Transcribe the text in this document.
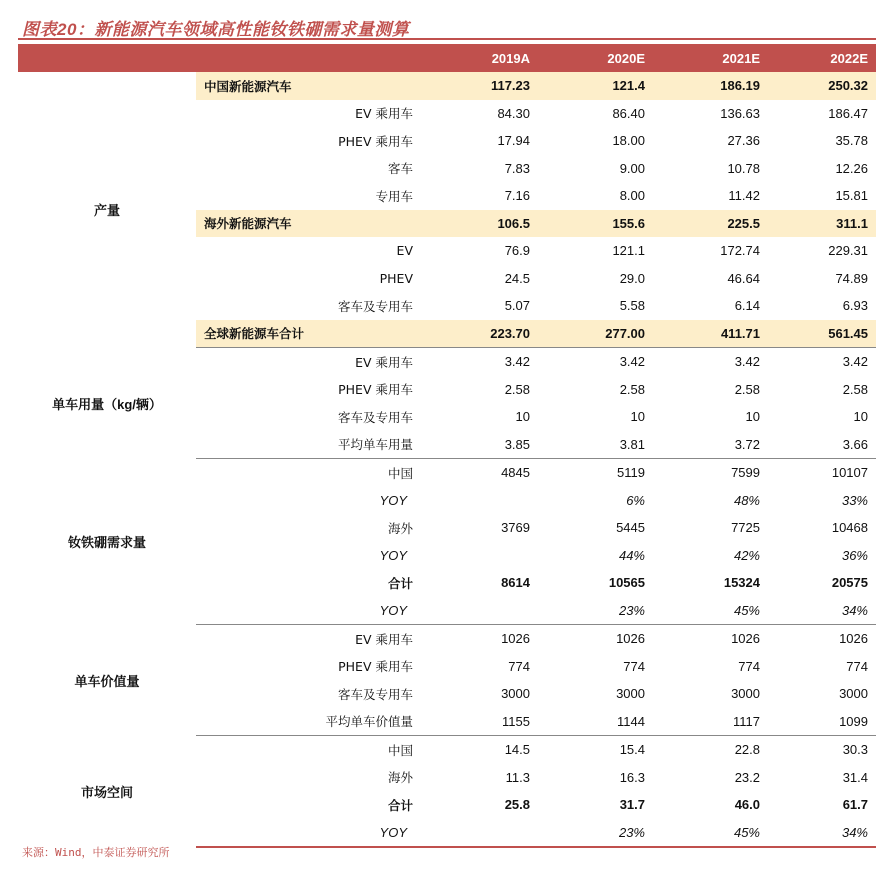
图表20：新能源汽车领域高性能钕铁硼需求量测算
		2019A	2020E	2021E	2022E
产量	中国新能源汽车	117.23	121.4	186.19	250.32
	EV 乘用车	84.30	86.40	136.63	186.47
	PHEV 乘用车	17.94	18.00	27.36	35.78
	客车	7.83	9.00	10.78	12.26
	专用车	7.16	8.00	11.42	15.81
	海外新能源汽车	106.5	155.6	225.5	311.1
	EV	76.9	121.1	172.74	229.31
	PHEV	24.5	29.0	46.64	74.89
	客车及专用车	5.07	5.58	6.14	6.93
	全球新能源车合计	223.70	277.00	411.71	561.45
单车用量（kg/辆）	EV 乘用车	3.42	3.42	3.42	3.42
	PHEV 乘用车	2.58	2.58	2.58	2.58
	客车及专用车	10	10	10	10
	平均单车用量	3.85	3.81	3.72	3.66
钕铁硼需求量	中国	4845	5119	7599	10107
	YOY		6%	48%	33%
	海外	3769	5445	7725	10468
	YOY		44%	42%	36%
	合计	8614	10565	15324	20575
	YOY		23%	45%	34%
单车价值量	EV 乘用车	1026	1026	1026	1026
	PHEV 乘用车	774	774	774	774
	客车及专用车	3000	3000	3000	3000
	平均单车价值量	1155	1144	1117	1099
市场空间	中国	14.5	15.4	22.8	30.3
	海外	11.3	16.3	23.2	31.4
	合计	25.8	31.7	46.0	61.7
	YOY		23%	45%	34%
来源：Wind，中泰证券研究所
